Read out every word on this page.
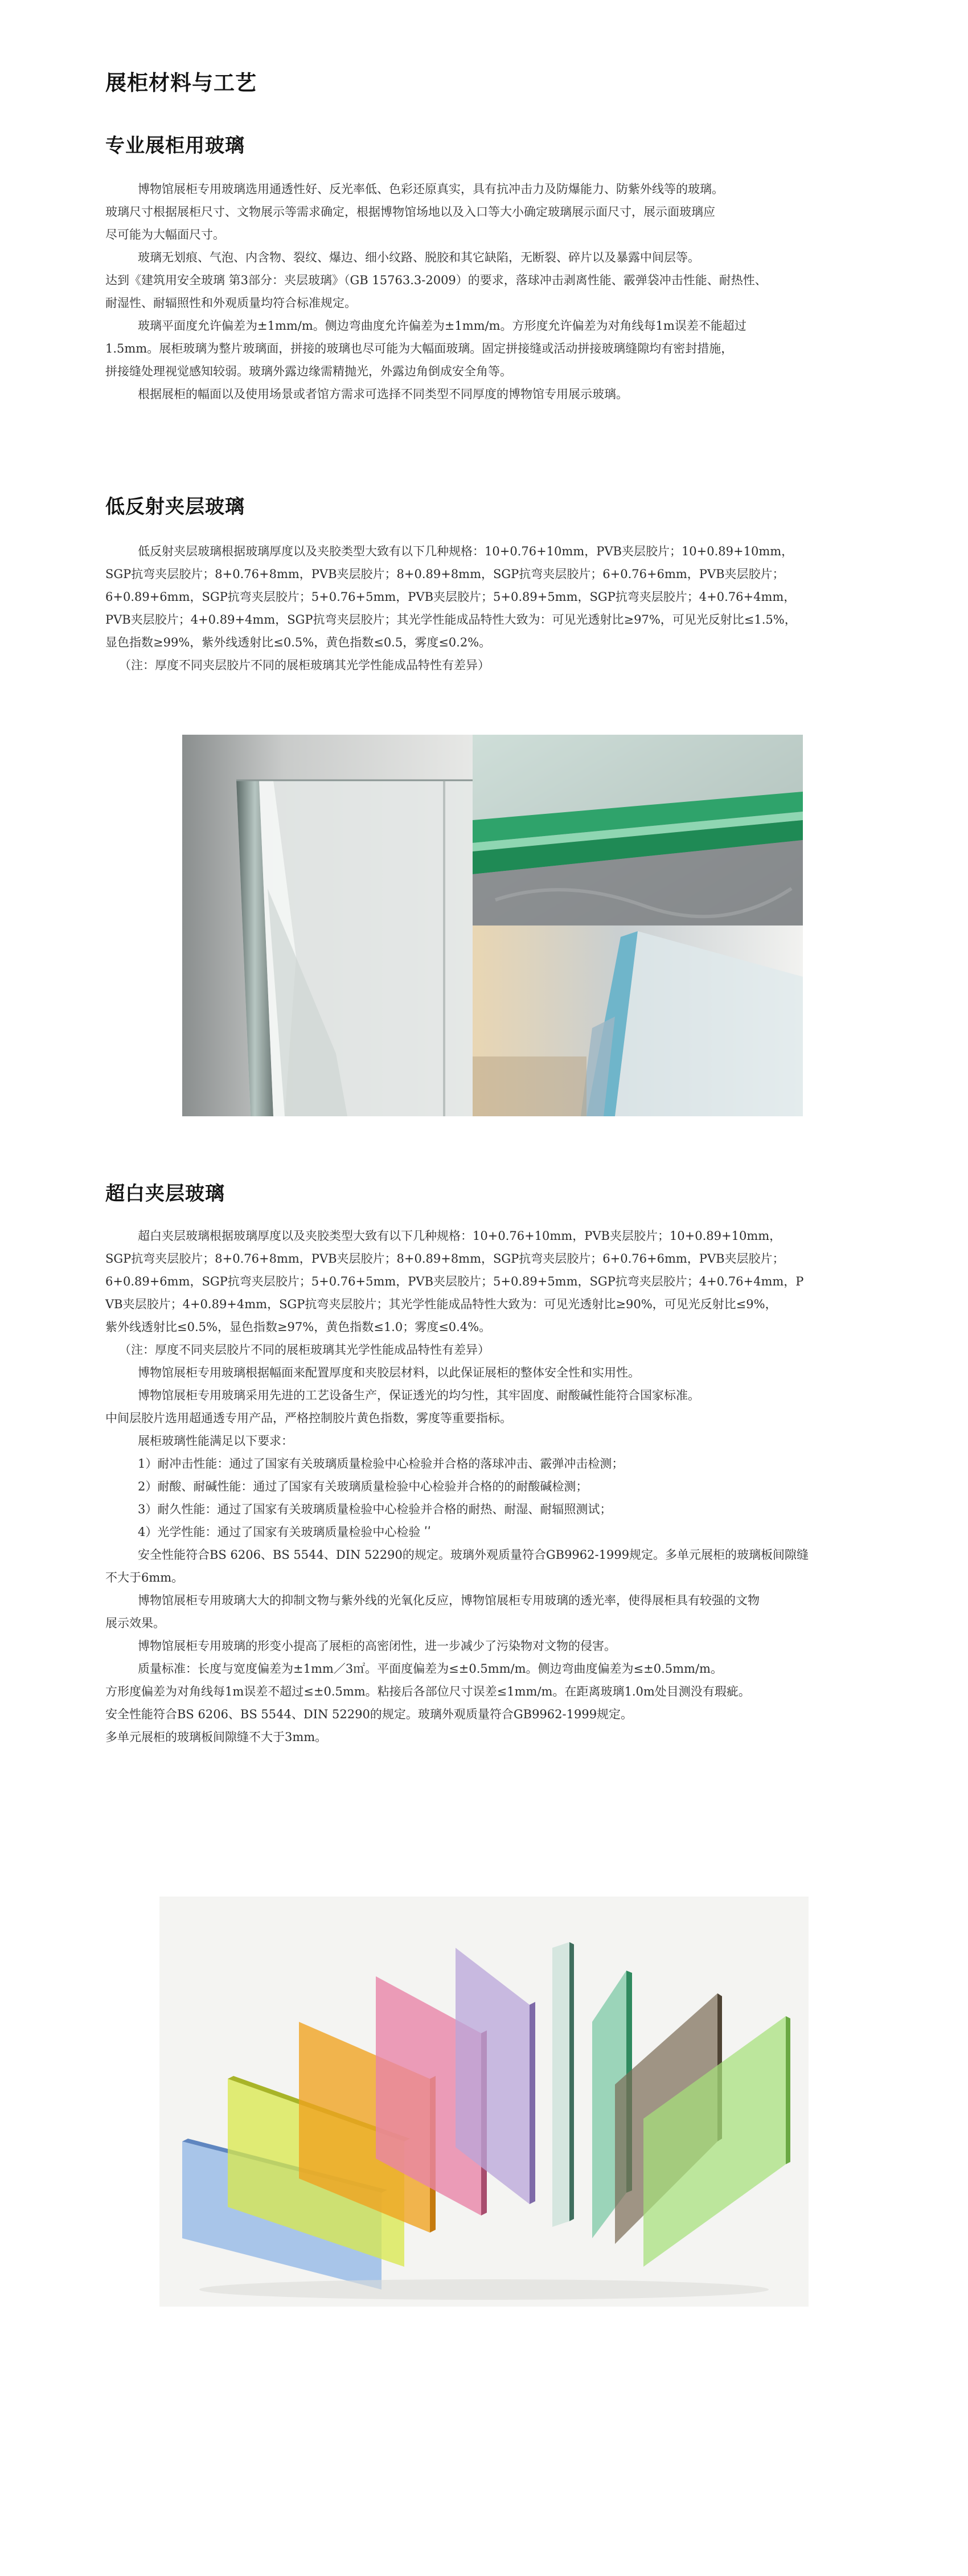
展柜材料与工艺
专业展柜用玻璃

博物馆展柜专用玻璃选用通透性好、反光率低、色彩还原真实，具有抗冲击力及防爆能力、防紫外线等的玻璃。

玻璃尺寸根据展柜尺寸、文物展示等需求确定，根据博物馆场地以及入口等大小确定玻璃展示面尺寸，展示面玻璃应

尽可能为大幅面尺寸。

玻璃无划痕、气泡、内含物、裂纹、爆边、细小纹路、脱胶和其它缺陷，无断裂、碎片以及暴露中间层等。

达到《建筑用安全玻璃 第3部分：夹层玻璃》（GB 15763.3-2009）的要求，落球冲击剥离性能、霰弹袋冲击性能、耐热性、

耐湿性、耐辐照性和外观质量均符合标准规定。

玻璃平面度允许偏差为±1mm/m。侧边弯曲度允许偏差为±1mm/m。方形度允许偏差为对角线每1m误差不能超过

1.5mm。展柜玻璃为整片玻璃面，拼接的玻璃也尽可能为大幅面玻璃。固定拼接缝或活动拼接玻璃缝隙均有密封措施，

拼接缝处理视觉感知较弱。玻璃外露边缘需精抛光，外露边角倒成安全角等。

根据展柜的幅面以及使用场景或者馆方需求可选择不同类型不同厚度的博物馆专用展示玻璃。

低反射夹层玻璃

低反射夹层玻璃根据玻璃厚度以及夹胶类型大致有以下几种规格：10+0.76+10mm，PVB夹层胶片；10+0.89+10mm，

SGP抗弯夹层胶片；8+0.76+8mm，PVB夹层胶片；8+0.89+8mm，SGP抗弯夹层胶片；6+0.76+6mm，PVB夹层胶片；

6+0.89+6mm，SGP抗弯夹层胶片；5+0.76+5mm，PVB夹层胶片；5+0.89+5mm，SGP抗弯夹层胶片；4+0.76+4mm，

PVB夹层胶片；4+0.89+4mm，SGP抗弯夹层胶片；其光学性能成品特性大致为：可见光透射比≥97%，可见光反射比≤1.5%，

显色指数≥99%，紫外线透射比≤0.5%，黄色指数≤0.5，雾度≤0.2%。

（注：厚度不同夹层胶片不同的展柜玻璃其光学性能成品特性有差异）

超白夹层玻璃

超白夹层玻璃根据玻璃厚度以及夹胶类型大致有以下几种规格：10+0.76+10mm，PVB夹层胶片；10+0.89+10mm，

SGP抗弯夹层胶片；8+0.76+8mm，PVB夹层胶片；8+0.89+8mm，SGP抗弯夹层胶片；6+0.76+6mm，PVB夹层胶片；

6+0.89+6mm，SGP抗弯夹层胶片；5+0.76+5mm，PVB夹层胶片；5+0.89+5mm，SGP抗弯夹层胶片；4+0.76+4mm，P

VB夹层胶片；4+0.89+4mm，SGP抗弯夹层胶片；其光学性能成品特性大致为：可见光透射比≥90%，可见光反射比≤9%，

紫外线透射比≤0.5%，显色指数≥97%，黄色指数≤1.0；雾度≤0.4%。

（注：厚度不同夹层胶片不同的展柜玻璃其光学性能成品特性有差异）

博物馆展柜专用玻璃根据幅面来配置厚度和夹胶层材料，以此保证展柜的整体安全性和实用性。

博物馆展柜专用玻璃采用先进的工艺设备生产，保证透光的均匀性，其牢固度、耐酸碱性能符合国家标准。

中间层胶片选用超通透专用产品，严格控制胶片黄色指数，雾度等重要指标。

展柜玻璃性能满足以下要求：

1）耐冲击性能：通过了国家有关玻璃质量检验中心检验并合格的落球冲击、霰弹冲击检测；

2）耐酸、耐碱性能：通过了国家有关玻璃质量检验中心检验并合格的的耐酸碱检测；

3）耐久性能：通过了国家有关玻璃质量检验中心检验并合格的耐热、耐湿、耐辐照测试；

4）光学性能：通过了国家有关玻璃质量检验中心检验 ʹʹ

安全性能符合BS 6206、BS 5544、DIN 52290的规定。玻璃外观质量符合GB9962-1999规定。多单元展柜的玻璃板间隙缝

不大于6mm。

博物馆展柜专用玻璃大大的抑制文物与紫外线的光氧化反应，博物馆展柜专用玻璃的透光率，使得展柜具有较强的文物

展示效果。

博物馆展柜专用玻璃的形变小提高了展柜的高密闭性，进一步减少了污染物对文物的侵害。

质量标准：长度与宽度偏差为±1mm／3㎡。平面度偏差为≤±0.5mm/m。侧边弯曲度偏差为≤±0.5mm/m。

方形度偏差为对角线每1m误差不超过≤±0.5mm。粘接后各部位尺寸误差≤1mm/m。在距离玻璃1.0m处目测没有瑕疵。

安全性能符合BS 6206、BS 5544、DIN 52290的规定。玻璃外观质量符合GB9962-1999规定。

多单元展柜的玻璃板间隙缝不大于3mm。
